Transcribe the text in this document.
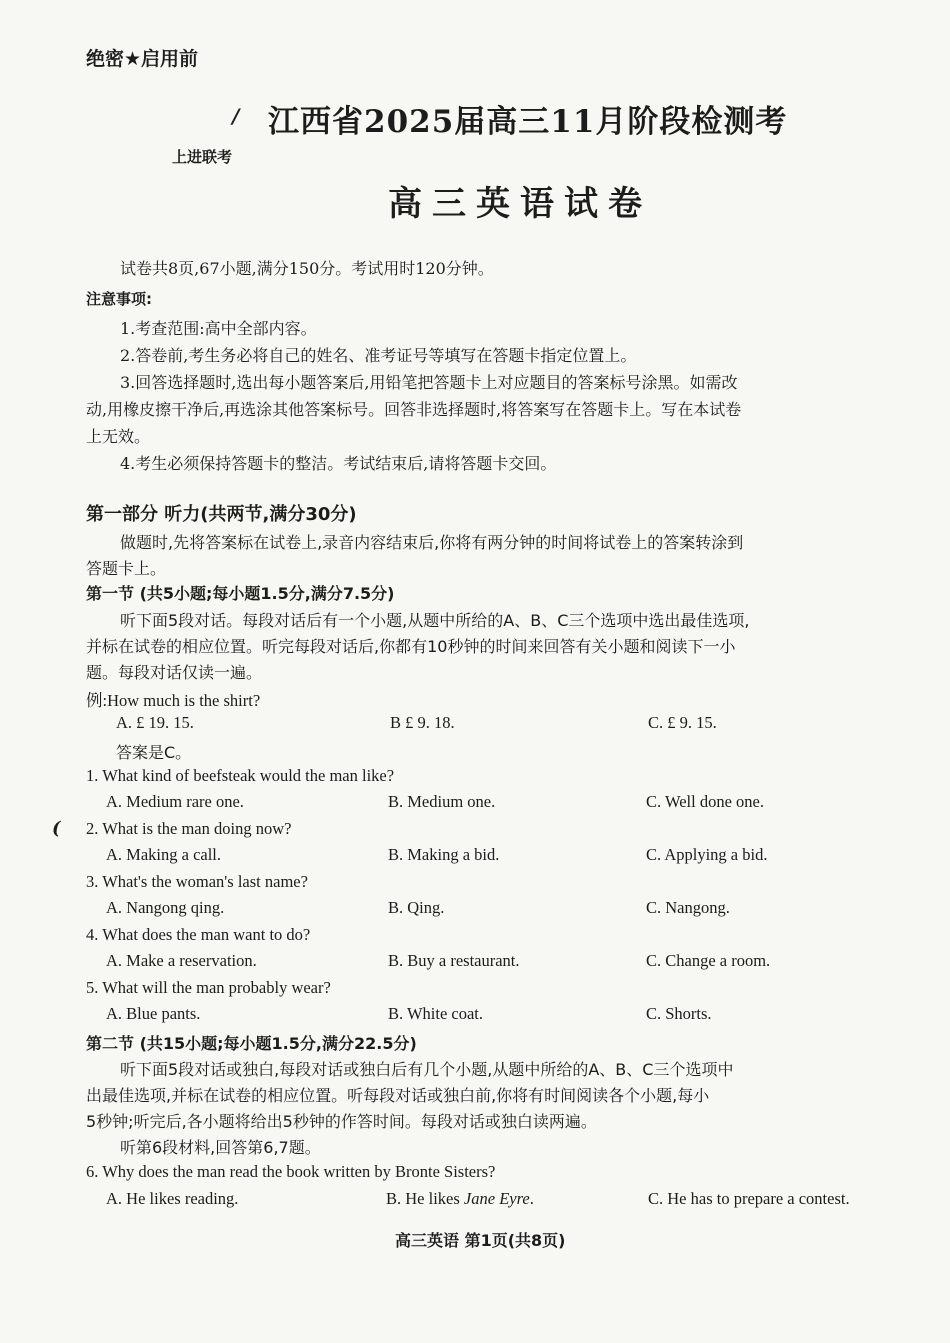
绝密★启用前
/ 江西省2025届高三11月阶段检测考
上进联考
高三英语试卷
试卷共8页,67小题,满分150分。考试用时120分钟。
注意事项:
1.考查范围:高中全部内容。
2.答卷前,考生务必将自己的姓名、准考证号等填写在答题卡指定位置上。
3.回答选择题时,选出每小题答案后,用铅笔把答题卡上对应题目的答案标号涂黑。如需改
动,用橡皮擦干净后,再选涂其他答案标号。回答非选择题时,将答案写在答题卡上。写在本试卷
上无效。
4.考生必须保持答题卡的整洁。考试结束后,请将答题卡交回。
第一部分 听力(共两节,满分30分)
做题时,先将答案标在试卷上,录音内容结束后,你将有两分钟的时间将试卷上的答案转涂到
答题卡上。
第一节 (共5小题;每小题1.5分,满分7.5分)
听下面5段对话。每段对话后有一个小题,从题中所给的A、B、C三个选项中选出最佳选项,
并标在试卷的相应位置。听完每段对话后,你都有10秒钟的时间来回答有关小题和阅读下一小
题。每段对话仅读一遍。
例:How much is the shirt?
A. £ 19. 15.	B £ 9. 18.	C. £ 9. 15.
答案是C。
1. What kind of beefsteak would the man like?
A. Medium rare one.	B. Medium one.	C. Well done one.
( 2. What is the man doing now?
A. Making a call.	B. Making a bid.	C. Applying a bid.
3. What's the woman's last name?
A. Nangong qing.	B. Qing.	C. Nangong.
4. What does the man want to do?
A. Make a reservation.	B. Buy a restaurant.	C. Change a room.
5. What will the man probably wear?
A. Blue pants.	B. White coat.	C. Shorts.
第二节 (共15小题;每小题1.5分,满分22.5分)
听下面5段对话或独白,每段对话或独白后有几个小题,从题中所给的A、B、C三个选项中
出最佳选项,并标在试卷的相应位置。听每段对话或独白前,你将有时间阅读各个小题,每小
5秒钟;听完后,各小题将给出5秒钟的作答时间。每段对话或独白读两遍。
听第6段材料,回答第6,7题。
6. Why does the man read the book written by Bronte Sisters?
A. He likes reading.	B. He likes Jane Eyre.	C. He has to prepare a contest.
高三英语 第1页(共8页)
